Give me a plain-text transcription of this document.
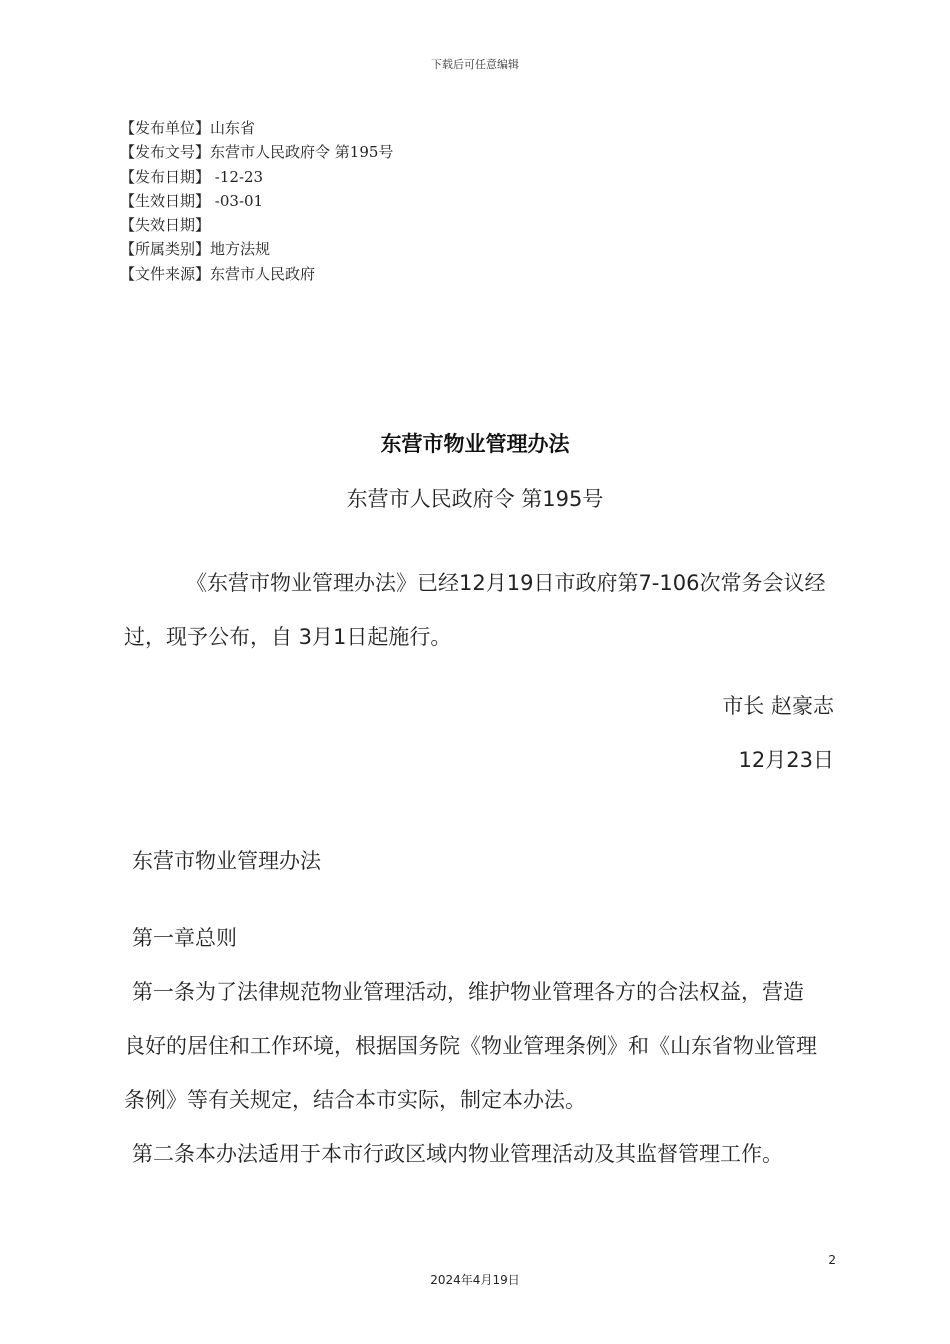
下载后可任意编辑
【发布单位】山东省
【发布文号】东营市人民政府令 第195号
【发布日期】 -12-23
【生效日期】 -03-01
【失效日期】
【所属类别】地方法规
【文件来源】东营市人民政府
东营市物业管理办法
东营市人民政府令 第195号
《东营市物业管理办法》已经12月19日市政府第7-106次常务会议经过，现予公布，自 3月1日起施行。
市长 赵豪志
12月23日
东营市物业管理办法
第一章总则
第一条为了法律规范物业管理活动，维护物业管理各方的合法权益，营造良好的居住和工作环境，根据国务院《物业管理条例》和《山东省物业管理条例》等有关规定，结合本市实际，制定本办法。
第二条本办法适用于本市行政区域内物业管理活动及其监督管理工作。
2
2024年4月19日
